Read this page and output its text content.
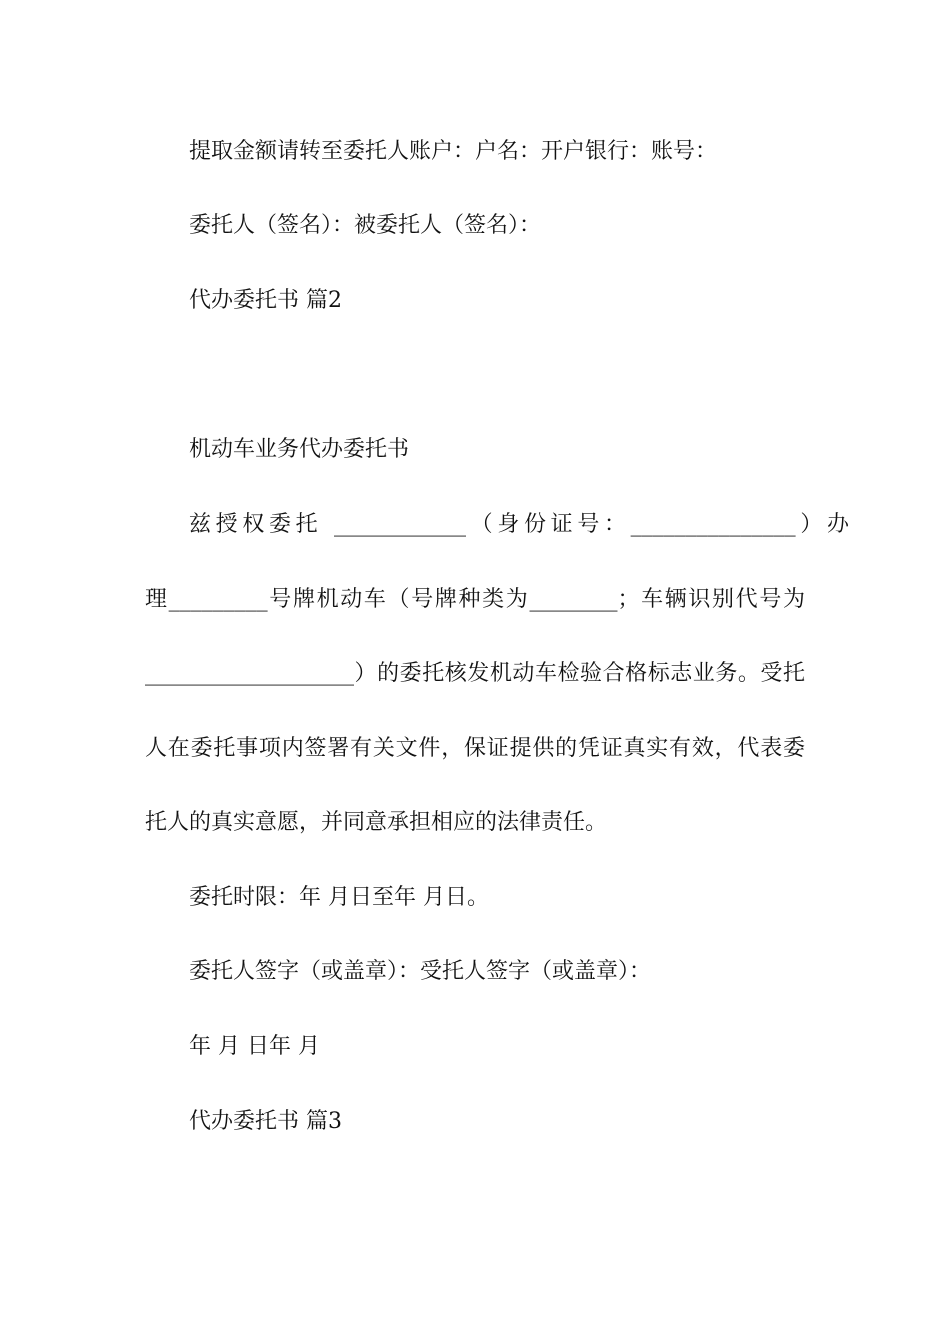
提取金额请转至委托人账户：户名：开户银行：账号：
委托人（签名）：被委托人（签名）：
代办委托书 篇2
机动车业务代办委托书
兹授权委托 ____________（身份证号：_______________）办
理_________号牌机动车（号牌种类为________；车辆识别代号为
___________________）的委托核发机动车检验合格标志业务。受托
人在委托事项内签署有关文件，保证提供的凭证真实有效，代表委
托人的真实意愿，并同意承担相应的法律责任。
委托时限：年 月日至年 月日。
委托人签字（或盖章）：受托人签字（或盖章）：
年 月 日年 月
代办委托书 篇3
